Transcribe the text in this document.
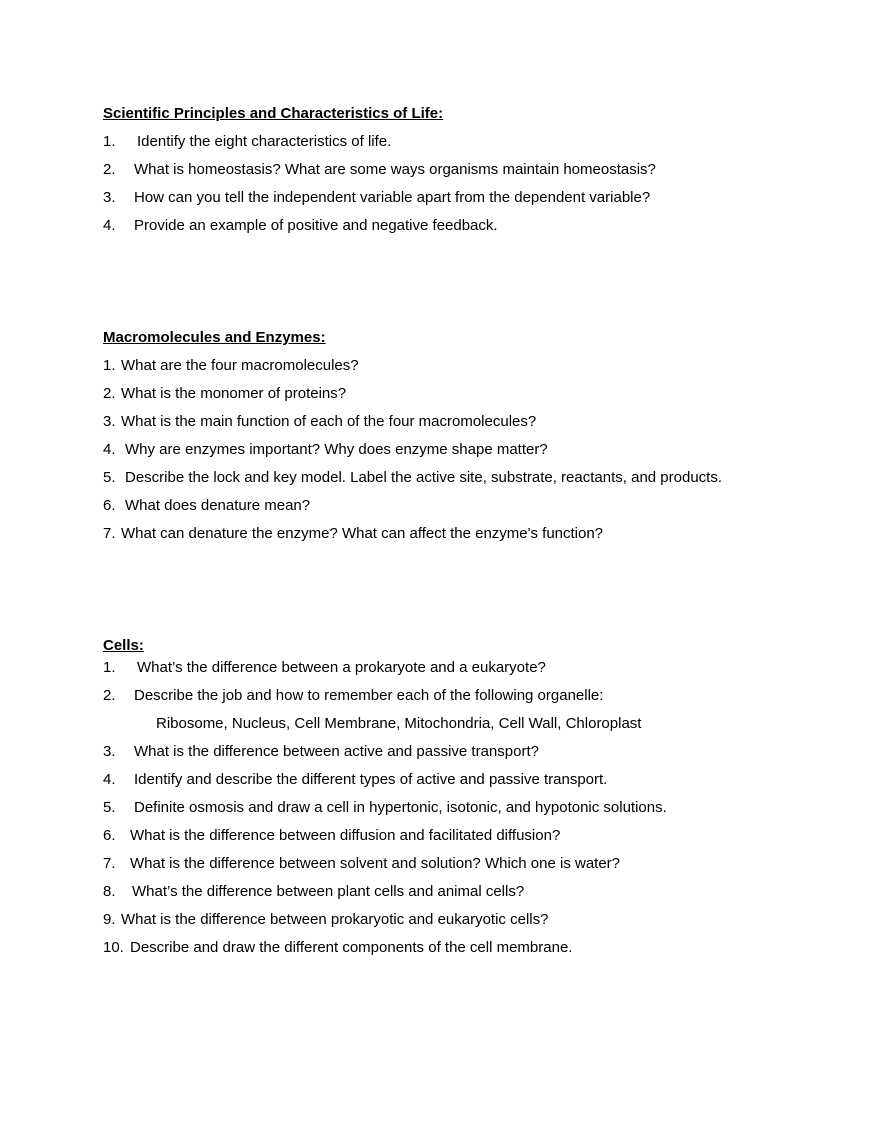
Scientific Principles and Characteristics of Life:
1. Identify the eight characteristics of life.
2. What is homeostasis? What are some ways organisms maintain homeostasis?
3. How can you tell the independent variable apart from the dependent variable?
4. Provide an example of positive and negative feedback.
Macromolecules and Enzymes:
1. What are the four macromolecules?
2. What is the monomer of proteins?
3. What is the main function of each of the four macromolecules?
4. Why are enzymes important? Why does enzyme shape matter?
5. Describe the lock and key model. Label the active site, substrate, reactants, and products.
6. What does denature mean?
7. What can denature the enzyme? What can affect the enzyme's function?
Cells:
1. What’s the difference between a prokaryote and a eukaryote?
2. Describe the job and how to remember each of the following organelle:
Ribosome, Nucleus, Cell Membrane, Mitochondria, Cell Wall, Chloroplast
3. What is the difference between active and passive transport?
4. Identify and describe the different types of active and passive transport.
5. Definite osmosis and draw a cell in hypertonic, isotonic, and hypotonic solutions.
6. What is the difference between diffusion and facilitated diffusion?
7. What is the difference between solvent and solution? Which one is water?
8. What’s the difference between plant cells and animal cells?
9. What is the difference between prokaryotic and eukaryotic cells?
10. Describe and draw the different components of the cell membrane.
